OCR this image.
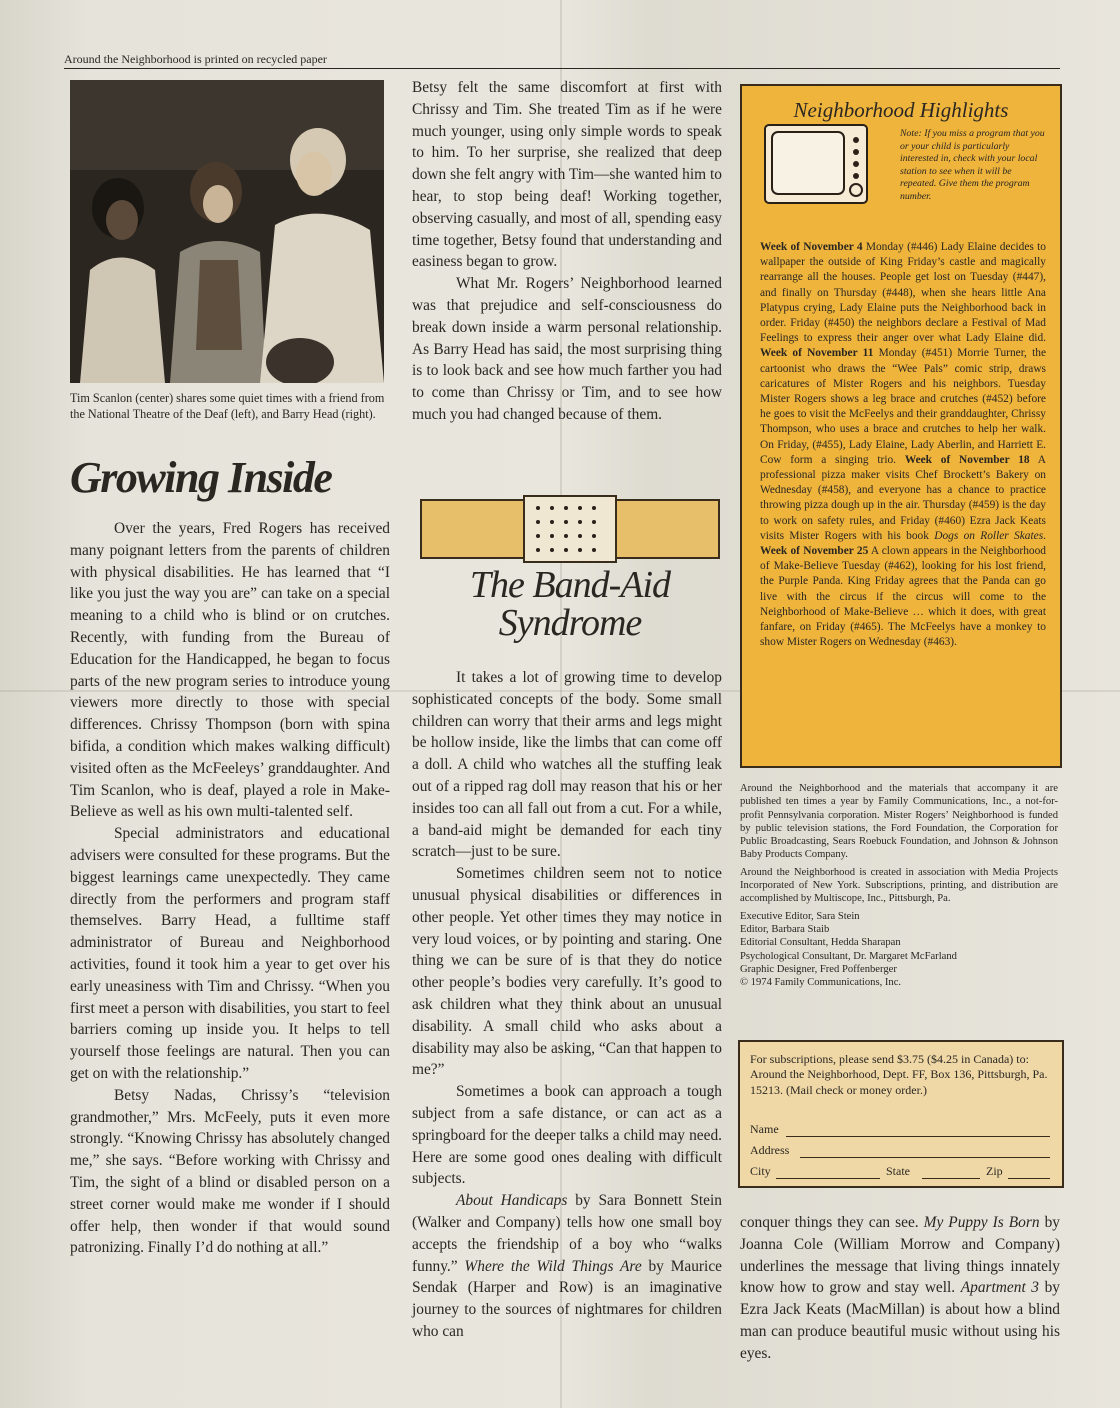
Around the Neighborhood is printed on recycled paper
Tim Scanlon (center) shares some quiet times with a friend from the National Theatre of the Deaf (left), and Barry Head (right).
Growing Inside

Over the years, Fred Rogers has received many poignant letters from the parents of children with physical disabilities. He has learned that “I like you just the way you are” can take on a special meaning to a child who is blind or on crutches. Recently, with funding from the Bureau of Education for the Handicapped, he began to focus parts of the new program series to introduce young viewers more directly to those with special differences. Chrissy Thompson (born with spina bifida, a condition which makes walking difficult) visited often as the McFeeleys’ granddaughter. And Tim Scanlon, who is deaf, played a role in Make-Believe as well as his own multi-talented self.

Special administrators and educational advisers were consulted for these programs. But the biggest learnings came unexpectedly. They came directly from the performers and program staff themselves. Barry Head, a fulltime staff administrator of Bureau and Neighborhood activities, found it took him a year to get over his early uneasiness with Tim and Chrissy. “When you first meet a person with disabilities, you start to feel barriers coming up inside you. It helps to tell yourself those feelings are natural. Then you can get on with the relationship.”

Betsy Nadas, Chrissy’s “television grandmother,” Mrs. McFeely, puts it even more strongly. “Knowing Chrissy has absolutely changed me,” she says. “Before working with Chrissy and Tim, the sight of a blind or disabled person on a street corner would make me wonder if I should offer help, then wonder if that would sound patronizing. Finally I’d do nothing at all.”

Betsy felt the same discomfort at first with Chrissy and Tim. She treated Tim as if he were much younger, using only simple words to speak to him. To her surprise, she realized that deep down she felt angry with Tim—she wanted him to hear, to stop being deaf! Working together, observing casually, and most of all, spending easy time together, Betsy found that understanding and easiness began to grow.

What Mr. Rogers’ Neighborhood learned was that prejudice and self-consciousness do break down inside a warm personal relationship. As Barry Head has said, the most surprising thing is to look back and see how much farther you had to come than Chrissy or Tim, and to see how much you had changed because of them.

The Band-Aid
Syndrome

It takes a lot of growing time to develop sophisticated concepts of the body. Some small children can worry that their arms and legs might be hollow inside, like the limbs that can come off a doll. A child who watches all the stuffing leak out of a ripped rag doll may reason that his or her insides too can all fall out from a cut. For a while, a band-aid might be demanded for each tiny scratch—just to be sure.

Sometimes children seem not to notice unusual physical disabilities or differences in other people. Yet other times they may notice in very loud voices, or by pointing and staring. One thing we can be sure of is that they do notice other people’s bodies very carefully. It’s good to ask children what they think about an unusual disability. A small child who asks about a disability may also be asking, “Can that happen to me?”

Sometimes a book can approach a tough subject from a safe distance, or can act as a springboard for the deeper talks a child may need. Here are some good ones dealing with difficult subjects.

About Handicaps by Sara Bonnett Stein (Walker and Company) tells how one small boy accepts the friendship of a boy who “walks funny.” Where the Wild Things Are by Maurice Sendak (Harper and Row) is an imaginative journey to the sources of nightmares for children who can

Neighborhood Highlights
Note: If you miss a program that you or your child is particularly interested in, check with your local station to see when it will be repeated. Give them the program number.
Week of November 4 Monday (#446) Lady Elaine decides to wallpaper the outside of King Friday’s castle and magically rearrange all the houses. People get lost on Tuesday (#447), and finally on Thursday (#448), when she hears little Ana Platypus crying, Lady Elaine puts the Neighborhood back in order. Friday (#450) the neighbors declare a Festival of Mad Feelings to express their anger over what Lady Elaine did. Week of November 11 Monday (#451) Morrie Turner, the cartoonist who draws the “Wee Pals” comic strip, draws caricatures of Mister Rogers and his neighbors. Tuesday Mister Rogers shows a leg brace and crutches (#452) before he goes to visit the McFeelys and their granddaughter, Chrissy Thompson, who uses a brace and crutches to help her walk. On Friday, (#455), Lady Elaine, Lady Aberlin, and Harriett E. Cow form a singing trio. Week of November 18 A professional pizza maker visits Chef Brockett’s Bakery on Wednesday (#458), and everyone has a chance to practice throwing pizza dough up in the air. Thursday (#459) is the day to work on safety rules, and Friday (#460) Ezra Jack Keats visits Mister Rogers with his book Dogs on Roller Skates. Week of November 25 A clown appears in the Neighborhood of Make-Believe Tuesday (#462), looking for his lost friend, the Purple Panda. King Friday agrees that the Panda can go live with the circus if the circus will come to the Neighborhood of Make-Believe … which it does, with great fanfare, on Friday (#465). The McFeelys have a monkey to show Mister Rogers on Wednesday (#463).
Around the Neighborhood and the materials that accompany it are published ten times a year by Family Communications, Inc., a not-for-profit Pennsylvania corporation. Mister Rogers’ Neighborhood is funded by public television stations, the Ford Foundation, the Corporation for Public Broadcasting, Sears Roebuck Foundation, and Johnson & Johnson Baby Products Company.
Around the Neighborhood is created in association with Media Projects Incorporated of New York. Subscriptions, printing, and distribution are accomplished by Multiscope, Inc., Pittsburgh, Pa.
Executive Editor, Sara Stein
Editor, Barbara Staib
Editorial Consultant, Hedda Sharapan
Psychological Consultant, Dr. Margaret McFarland
Graphic Designer, Fred Poffenberger
© 1974 Family Communications, Inc.
For subscriptions, please send $3.75 ($4.25 in Canada) to: Around the Neighborhood, Dept. FF, Box 136, Pittsburgh, Pa. 15213. (Mail check or money order.)
Name
Address
City	State	Zip

conquer things they can see. My Puppy Is Born by Joanna Cole (William Morrow and Company) underlines the message that living things innately know how to grow and stay well. Apartment 3 by Ezra Jack Keats (MacMillan) is about how a blind man can produce beautiful music without using his eyes.
